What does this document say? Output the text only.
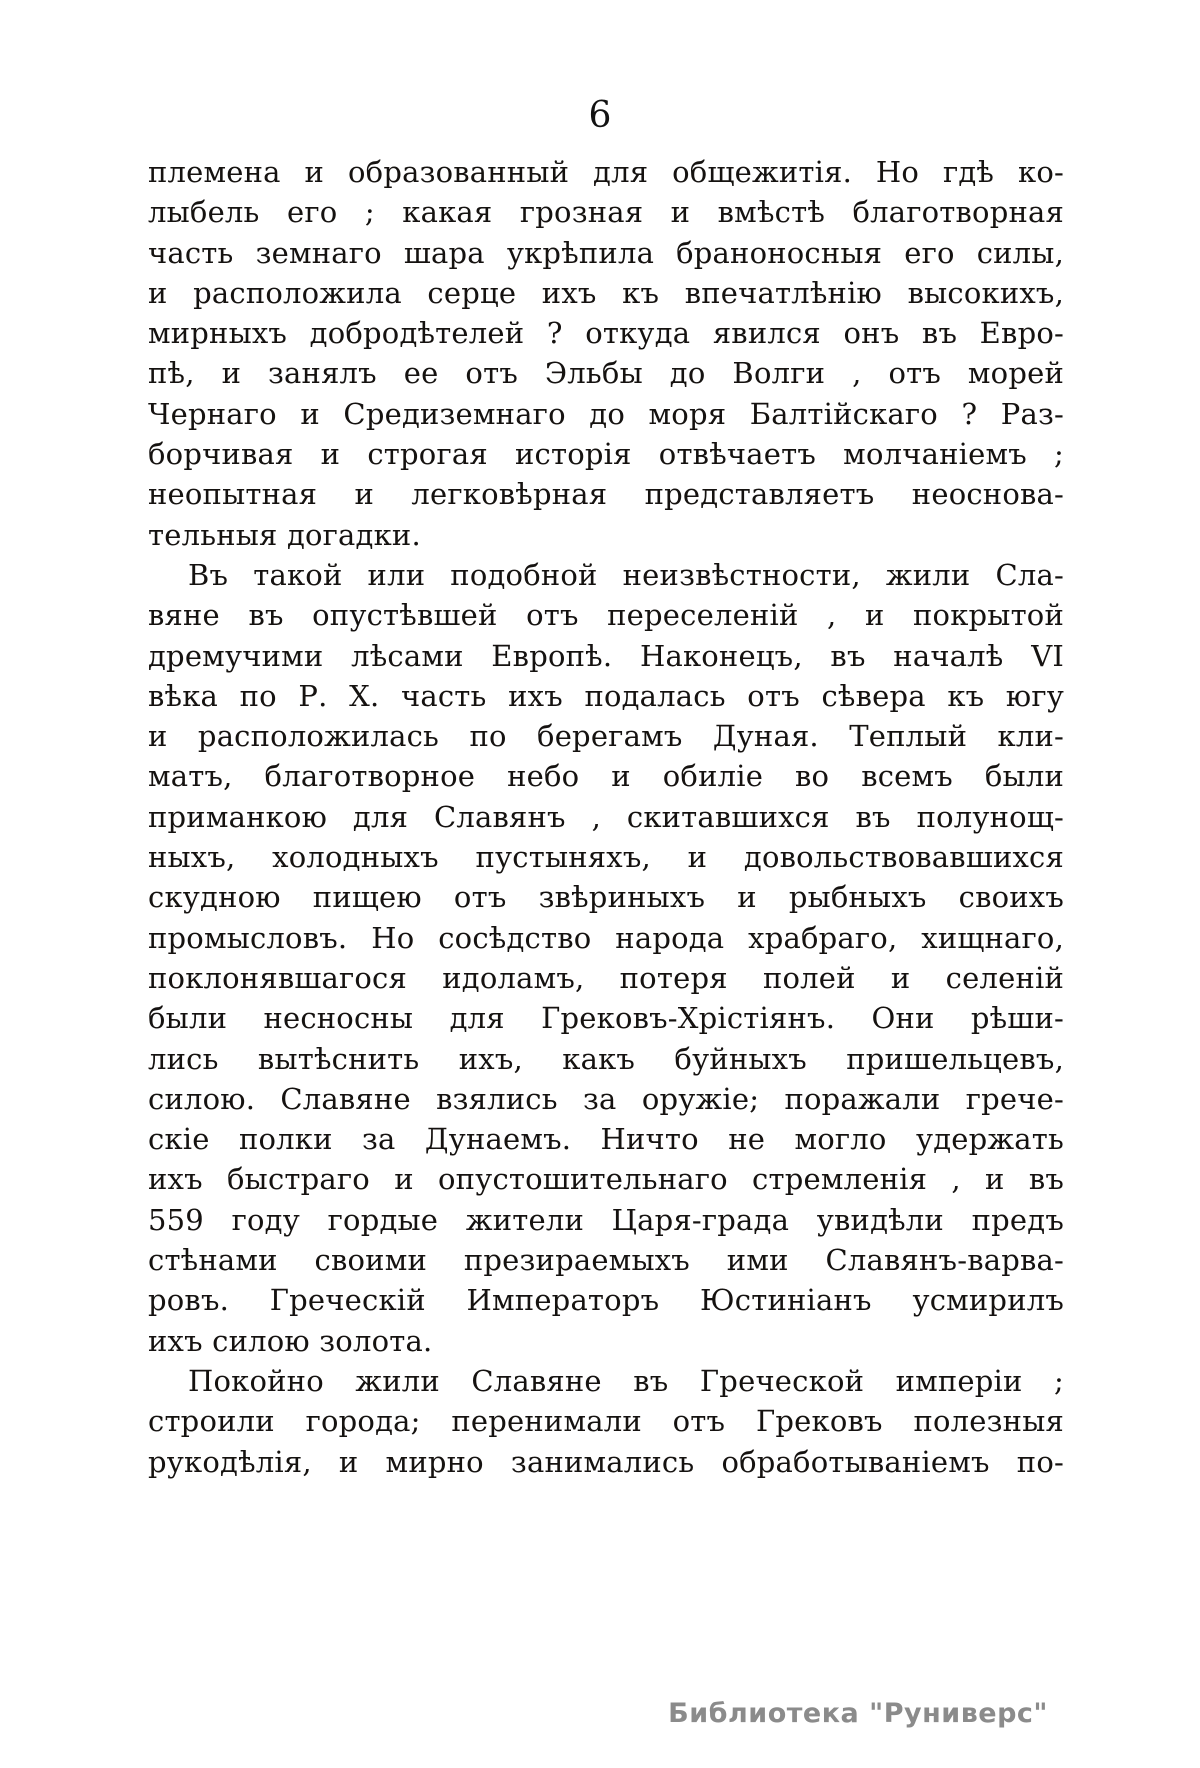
6
племена и образованный для общежитія. Но гдѣ ко-
лыбель его ; какая грозная и вмѣстѣ благотворная
часть земнаго шара укрѣпила браноносныя его силы,
и расположила серце ихъ къ впечатлѣнію высокихъ,
мирныхъ добродѣтелей ? откуда явился онъ въ Евро-
пѣ, и занялъ ее отъ Эльбы до Волги , отъ морей
Чернаго и Средиземнаго до моря Балтійскаго ? Раз-
борчивая и строгая исторія отвѣчаетъ молчаніемъ ;
неопытная и легковѣрная представляетъ неоснова-
тельныя догадки.
Въ такой или подобной неизвѣстности, жили Сла-
вяне въ опустѣвшей отъ переселеній , и покрытой
дремучими лѣсами Европѣ. Наконецъ, въ началѣ VI
вѣка по Р. Х. часть ихъ подалась отъ сѣвера къ югу
и расположилась по берегамъ Дуная. Теплый кли-
матъ, благотворное небо и обиліе во всемъ были
приманкою для Славянъ , скитавшихся въ полунощ-
ныхъ, холодныхъ пустыняхъ, и довольствовавшихся
скудною пищею отъ звѣриныхъ и рыбныхъ своихъ
промысловъ. Но сосѣдство народа храбраго, хищнаго,
поклонявшагося идоламъ, потеря полей и селеній
были несносны для Грековъ-Хрістіянъ. Они рѣши-
лись вытѣснить ихъ, какъ буйныхъ пришельцевъ,
силою. Славяне взялись за оружіе; поражали грече-
скіе полки за Дунаемъ. Ничто не могло удержать
ихъ быстраго и опустошительнаго стремленія , и въ
559 году гордые жители Царя-града увидѣли предъ
стѣнами своими презираемыхъ ими Славянъ-варва-
ровъ. Греческій Императоръ Юстиніанъ усмирилъ
ихъ силою золота.
Покойно жили Славяне въ Греческой имперіи ;
строили города; перенимали отъ Грековъ полезныя
рукодѣлія, и мирно занимались обработываніемъ по-
Библиотека "Руниверс"
